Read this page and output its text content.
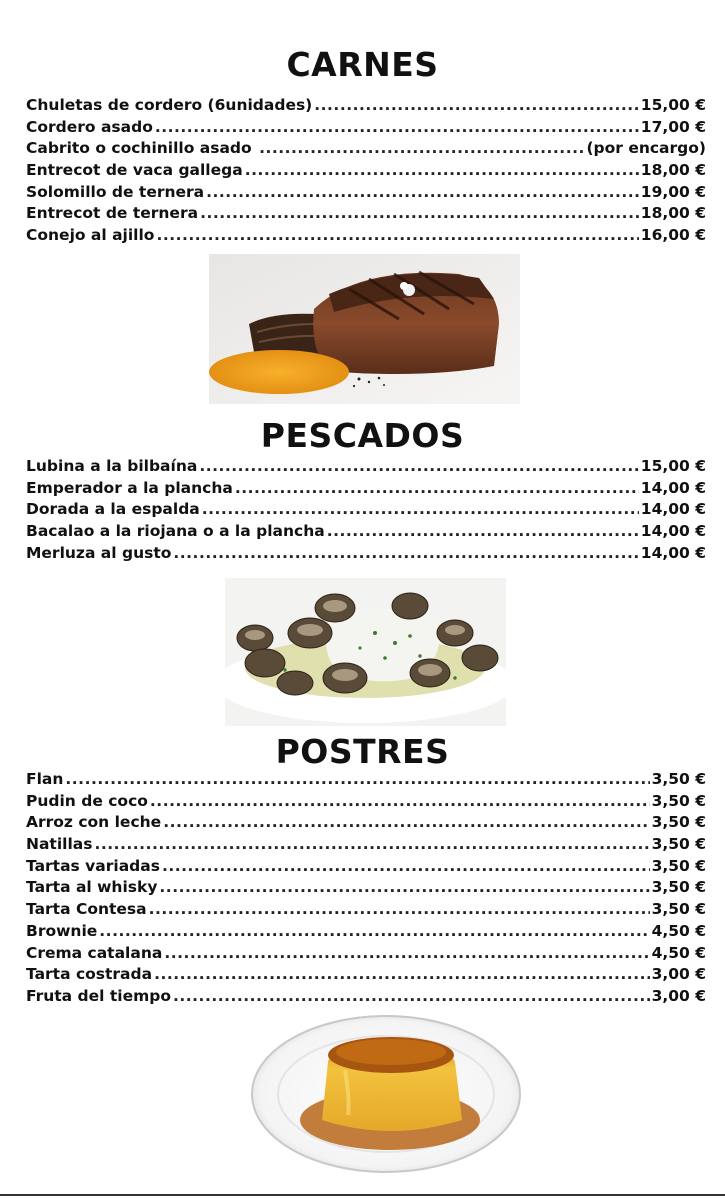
CARNES
Chuletas de cordero (6unidades) .....	15,00 €
Cordero asado .....	17,00 €
Cabrito o cochinillo asado .....	(por encargo)
Entrecot de vaca gallega .....	18,00 €
Solomillo de ternera .....	19,00 €
Entrecot de ternera .....	18,00 €
Conejo al ajillo .....	16,00 €
PESCADOS
Lubina a la bilbaína .....	15,00 €
Emperador a la plancha .....	14,00 €
Dorada a la espalda .....	14,00 €
Bacalao a la riojana o a la plancha .....	14,00 €
Merluza al gusto .....	14,00 €
POSTRES
Flan .....	3,50 €
Pudin de coco .....	3,50 €
Arroz con leche .....	3,50 €
Natillas .....	3,50 €
Tartas variadas .....	3,50 €
Tarta al whisky .....	3,50 €
Tarta Contesa .....	3,50 €
Brownie .....	4,50 €
Crema catalana .....	4,50 €
Tarta costrada .....	3,00 €
Fruta del tiempo .....	3,00 €
